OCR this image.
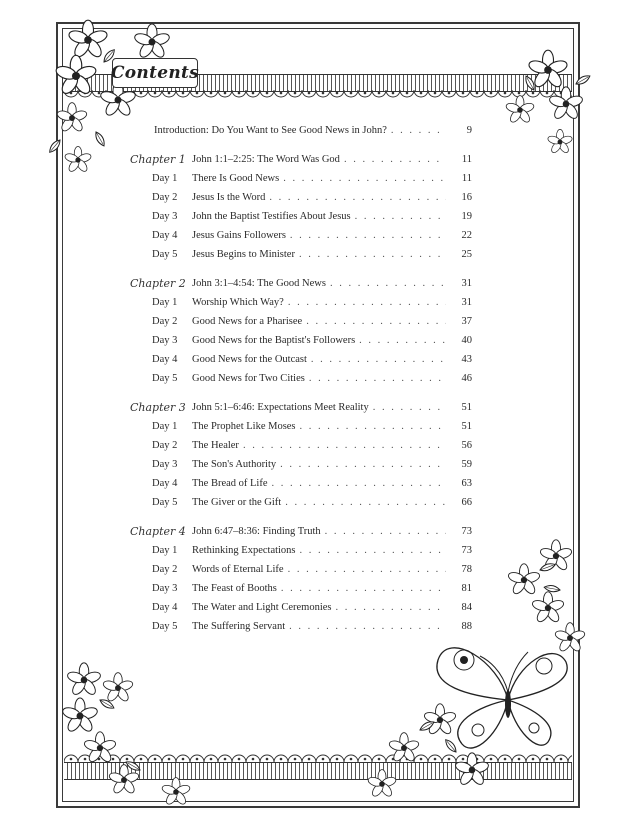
Contents
Introduction: Do You Want to See Good News in John? . . .	9
Chapter 1 John 1:1–2:25: The Word Was God . . .	11
Day 1 There Is Good News . . .	11
Day 2 Jesus Is the Word . . .	16
Day 3 John the Baptist Testifies About Jesus . . .	19
Day 4 Jesus Gains Followers . . .	22
Day 5 Jesus Begins to Minister . . .	25
Chapter 2 John 3:1–4:54: The Good News . . .	31
Day 1 Worship Which Way? . . .	31
Day 2 Good News for a Pharisee . . .	37
Day 3 Good News for the Baptist's Followers . . .	40
Day 4 Good News for the Outcast . . .	43
Day 5 Good News for Two Cities . . .	46
Chapter 3 John 5:1–6:46: Expectations Meet Reality . . .	51
Day 1 The Prophet Like Moses . . .	51
Day 2 The Healer . . .	56
Day 3 The Son's Authority . . .	59
Day 4 The Bread of Life . . .	63
Day 5 The Giver or the Gift . . .	66
Chapter 4 John 6:47–8:36: Finding Truth . . .	73
Day 1 Rethinking Expectations . . .	73
Day 2 Words of Eternal Life . . .	78
Day 3 The Feast of Booths . . .	81
Day 4 The Water and Light Ceremonies . . .	84
Day 5 The Suffering Servant . . .	88
